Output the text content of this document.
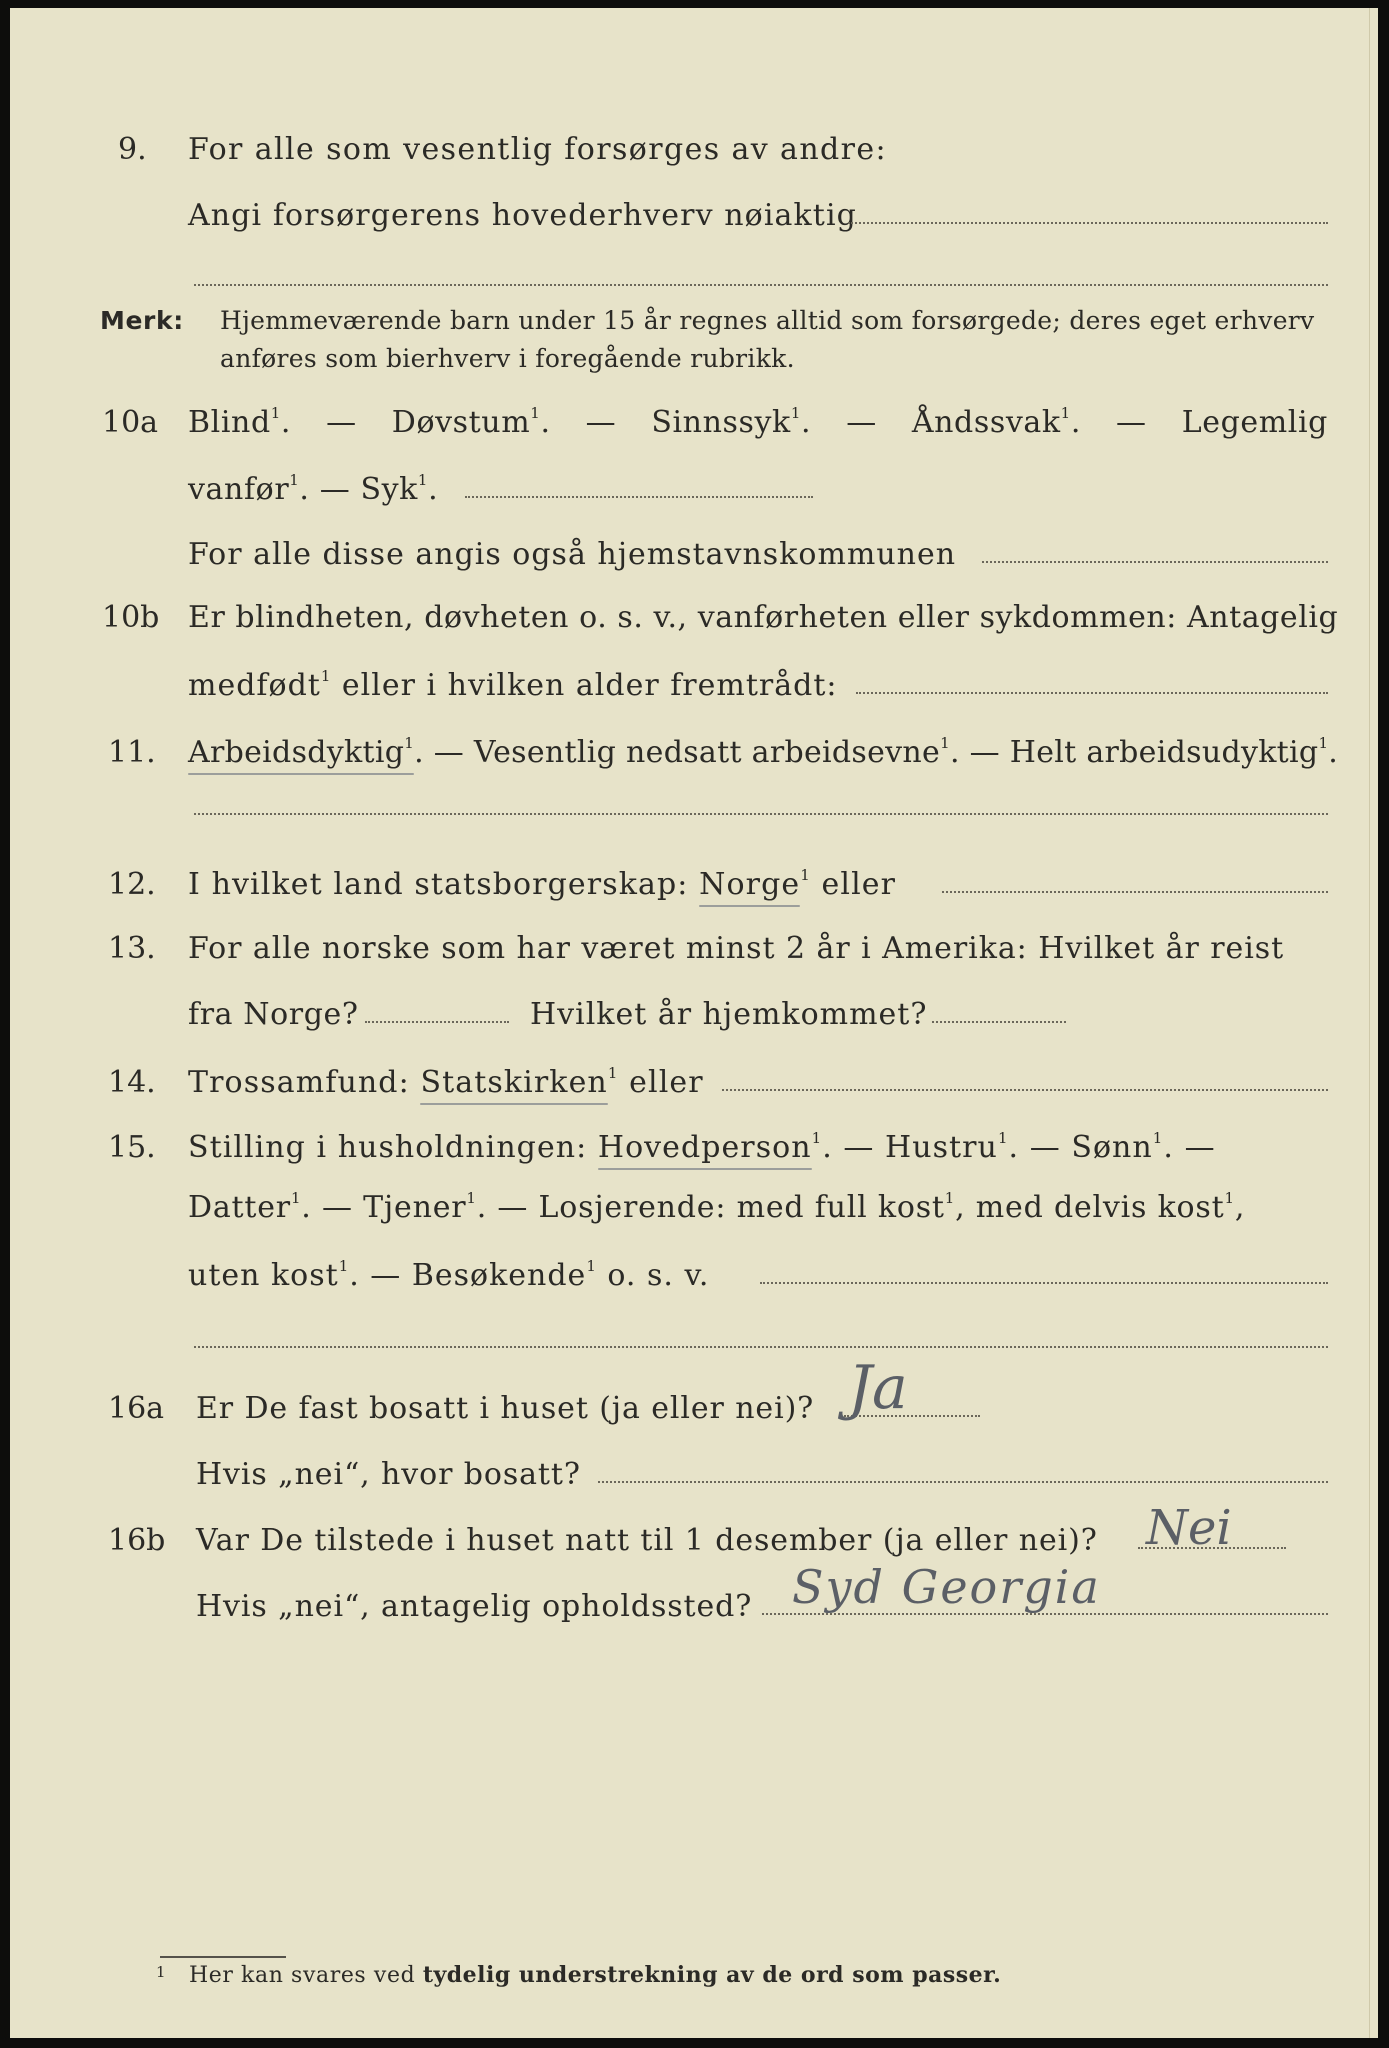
9. For alle som vesentlig forsørges av andre:
Angi forsørgerens hovederhverv nøiaktig
Merk: Hjemmeværende barn under 15 år regnes alltid som forsørgede; deres eget erhverv
anføres som bierhverv i foregående rubrikk.
10a Blind$^1$. — Døvstum$^1$. — Sinnssyk$^1$. — Åndssvak$^1$. — Legemlig
vanfør$^1$. — Syk$^1$.
For alle disse angis også hjemstavnskommunen
10b Er blindheten, døvheten o. s. v., vanførheten eller sykdommen: Antagelig
medfødt$^1$ eller i hvilken alder fremtrådt:
11. Arbeidsdyktig$^1$. — Vesentlig nedsatt arbeidsevne$^1$. — Helt arbeidsudyktig$^1$.
12. I hvilket land statsborgerskap: Norge$^1$ eller
13. For alle norske som har været minst 2 år i Amerika: Hvilket år reist
fra Norge?	Hvilket år hjemkommet?
14. Trossamfund: Statskirken$^1$ eller
15. Stilling i husholdningen: Hovedperson$^1$. — Hustru$^1$. — Sønn$^1$. —
Datter$^1$. — Tjener$^1$. — Losjerende: med full kost$^1$, med delvis kost$^1$,
uten kost$^1$. — Besøkende$^1$ o. s. v.
16a Er De fast bosatt i huset (ja eller nei)? Ja
Hvis „nei“, hvor bosatt?
16b Var De tilstede i huset natt til 1 desember (ja eller nei)? Nei
Hvis „nei“, antagelig opholdssted? Syd Georgia
$^1$ Her kan svares ved tydelig understrekning av de ord som passer.
